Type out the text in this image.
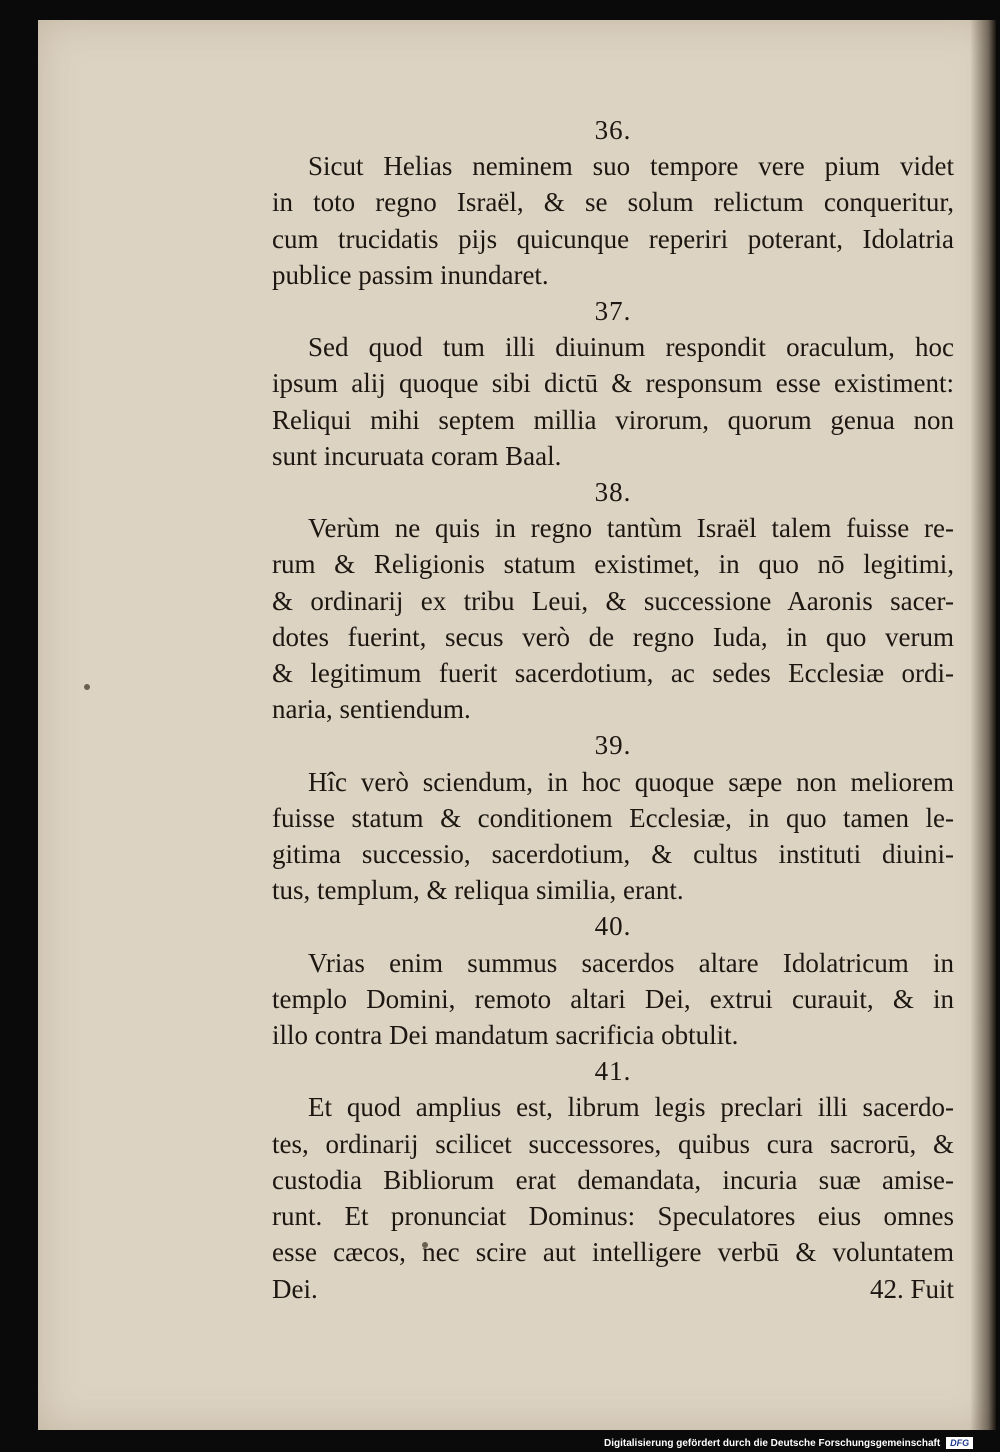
36.
Sicut Helias neminem suo tempore vere pium videt
in toto regno Israël, & se solum relictum conqueritur,
cum trucidatis pijs quicunque reperiri poterant, Idolatria
publice passim inundaret.
37.
Sed quod tum illi diuinum respondit oraculum, hoc
ipsum alij quoque sibi dictū & responsum esse existiment:
Reliqui mihi septem millia virorum, quorum genua non
sunt incuruata coram Baal.
38.
Verùm ne quis in regno tantùm Israël talem fuisse re-
rum & Religionis statum existimet, in quo nō legitimi,
& ordinarij ex tribu Leui, & successione Aaronis sacer-
dotes fuerint, secus verò de regno Iuda, in quo verum
& legitimum fuerit sacerdotium, ac sedes Ecclesiæ ordi-
naria, sentiendum.
39.
Hîc verò sciendum, in hoc quoque sæpe non meliorem
fuisse statum & conditionem Ecclesiæ, in quo tamen le-
gitima successio, sacerdotium, & cultus instituti diuini-
tus, templum, & reliqua similia, erant.
40.
Vrias enim summus sacerdos altare Idolatricum in
templo Domini, remoto altari Dei, extrui curauit, & in
illo contra Dei mandatum sacrificia obtulit.
41.
Et quod amplius est, librum legis preclari illi sacerdo-
tes, ordinarij scilicet successores, quibus cura sacrorū, &
custodia Bibliorum erat demandata, incuria suæ amise-
runt. Et pronunciat Dominus: Speculatores eius omnes
esse cæcos, nec scire aut intelligere verbū & voluntatem
Dei.	42. Fuit
Digitalisierung gefördert durch die Deutsche Forschungsgemeinschaft	DFG
